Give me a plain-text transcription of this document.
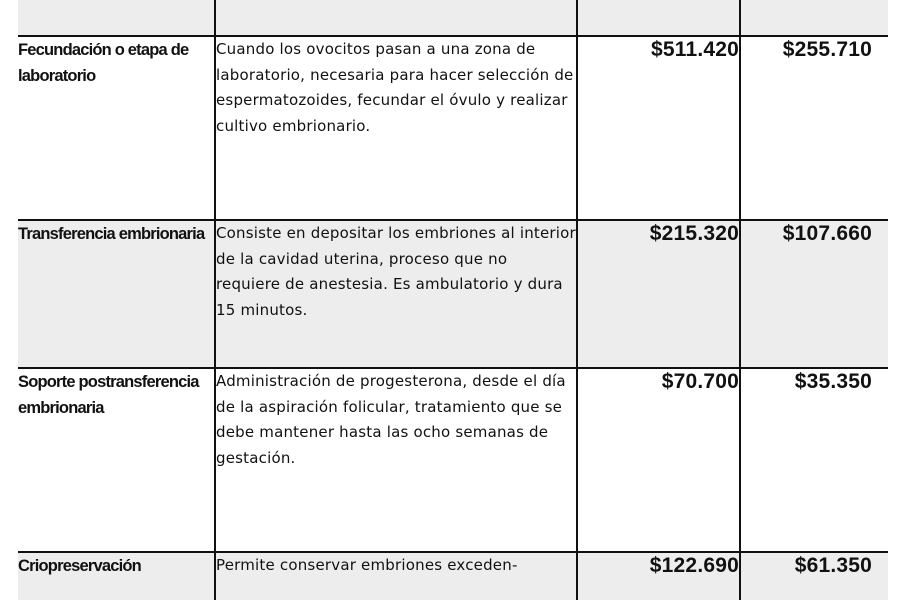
Fecundación o etapa de laboratorio	Cuando los ovocitos pasan a una zona de laboratorio, necesaria para hacer selección de espermatozoides, fecundar el óvulo y realizar cultivo embrionario.	$511.420	$255.710
Transferencia embrionaria	Consiste en depositar los embriones al interior de la cavidad uterina, proceso que no requiere de anestesia. Es ambulatorio y dura 15 minutos.	$215.320	$107.660
Soporte postransferencia embrionaria	Administración de progesterona, desde el día de la aspiración folicular, tratamiento que se debe mantener hasta las ocho semanas de gestación.	$70.700	$35.350
Criopreservación	Permite conservar embriones exceden-	$122.690	$61.350
